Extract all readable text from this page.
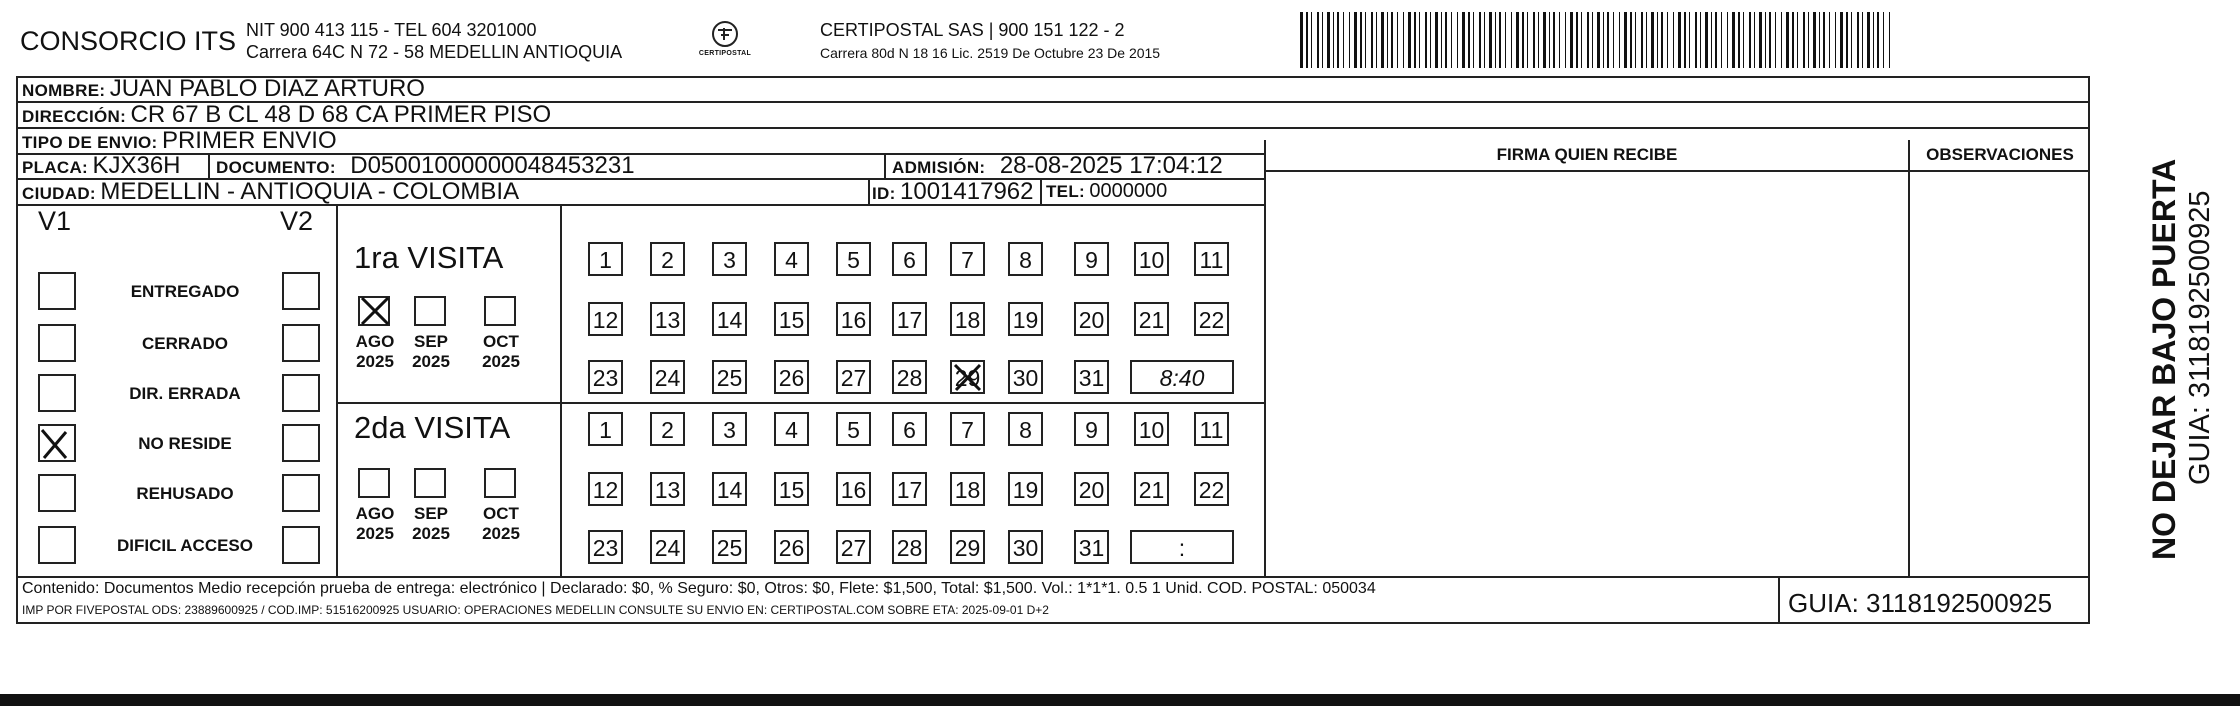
CONSORCIO ITS NIT 900 413 115 - TEL 604 3201000
Carrera 64C N 72 - 58 MEDELLIN ANTIOQUIA	CERTIPOSTAL
CERTIPOSTAL SAS | 900 151 122 - 2
Carrera 80d N 18 16 Lic. 2519 De Octubre 23 De 2015
NOMBRE: JUAN PABLO DIAZ ARTURO
DIRECCIÓN: CR 67 B CL 48 D 68 CA PRIMER PISO
TIPO DE ENVIO: PRIMER ENVIO
FIRMA QUIEN RECIBE	OBSERVACIONES
PLACA: KJX36H DOCUMENTO: D05001000000048453231	ADMISIÓN: 28-08-2025 17:04:12
CIUDAD: MEDELLIN - ANTIOQUIA - COLOMBIA	ID: 1001417962 TEL: 0000000
V1	V2
ENTREGADO
CERRADO
DIR. ERRADA
NO RESIDE
REHUSADO
DIFICIL ACCESO
1ra VISITA
2da VISITA
AGO
2025
SEP
2025
OCT
2025
1	2	3	4	5	6	7	8	9	10 11
12 13 14 15 16 17 18 19 20 21 22
23 24 25 26 27 28 29 30 31	8:40
AGO
2025
SEP
2025
OCT
2025
1	2	3	4	5	6	7	8	9	10 11
12 13 14 15 16 17 18 19 20 21 22
23 24 25 26 27 28 29 30 31	:
Contenido: Documentos Medio recepción prueba de entrega: electrónico | Declarado: $0, % Seguro: $0, Otros: $0, Flete: $1,500, Total: $1,500. Vol.: 1*1*1. 0.5 1 Unid. COD. POSTAL: 050034
IMP POR FIVEPOSTAL ODS: 23889600925 / COD.IMP: 51516200925 USUARIO: OPERACIONES MEDELLIN CONSULTE SU ENVIO EN: CERTIPOSTAL.COM SOBRE ETA: 2025-09-01 D+2	GUIA: 3118192500925
NO DEJAR BAJO PUERTA GUIA: 3118192500925
